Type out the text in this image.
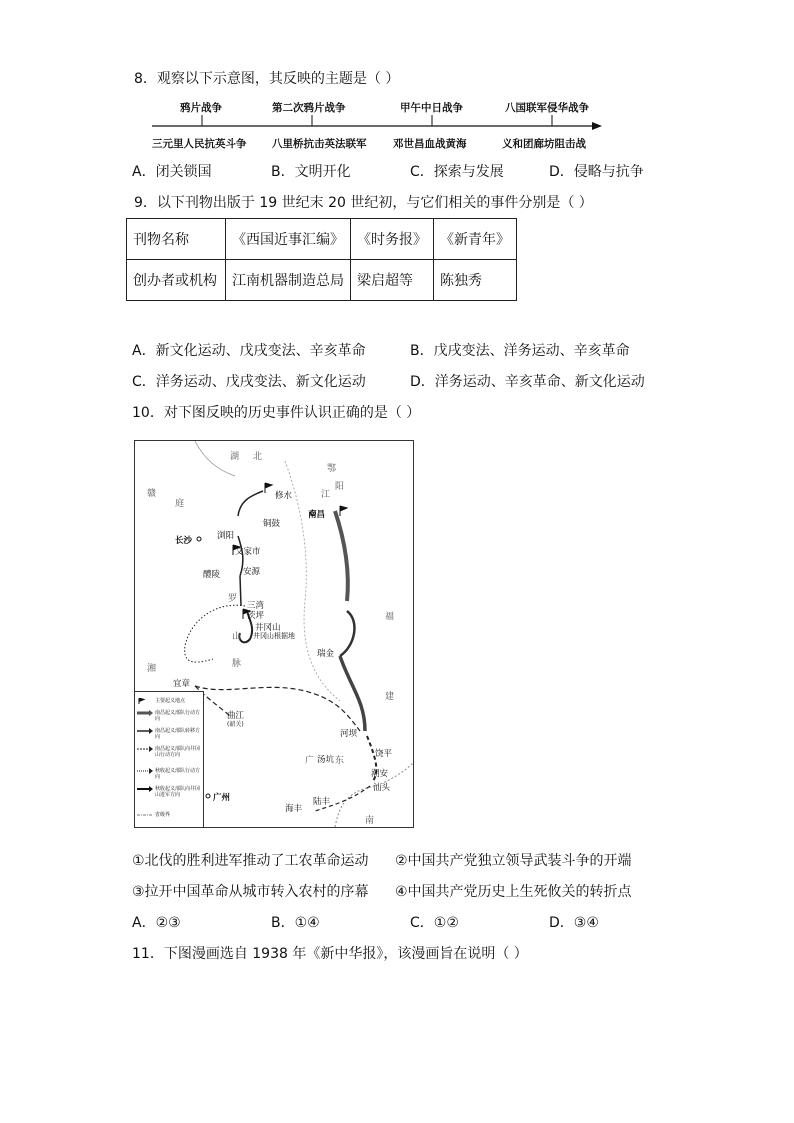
8．观察以下示意图，其反映的主题是（ ）
鸦片战争	第二次鸦片战争	甲午中日战争	八国联军侵华战争
三元里人民抗英斗争 八里桥抗击英法联军	邓世昌血战黄海	义和团廊坊阻击战
A．闭关锁国	B．文明开化	C．探索与发展	D．侵略与抗争
9．以下刊物出版于 19 世纪末 20 世纪初，与它们相关的事件分别是（ ）
刊物名称	《西国近事汇编》	《时务报》	《新青年》
创办者或机构	江南机器制造总局	梁启超等	陈独秀
A．新文化运动、戊戌变法、辛亥革命	B．戊戌变法、洋务运动、辛亥革命
C．洋务运动、戊戌变法、新文化运动	D．洋务运动、辛亥革命、新文化运动
10．对下图反映的历史事件认识正确的是（ ）
湖 北
赣
庭
鄂
阳
江
罗
山
脉
湘
福
建
广 东
南
修水
铜鼓
浏阳
长沙
文家市
醴陵	安源
三湾
茨坪
井冈山
井冈山根据地
南昌
瑞金
宜章
曲江
(韶关)
河坝
饶平
潮安
汕头
汤坑
广州	陆丰
海丰
主要起义地点
南昌起义部队行动方向
南昌起义部队转移方向
南昌起义部队向井冈山行动方向
秋收起义部队行动方向
秋收起义部队向井冈山进军方向
省级界
①北伐的胜利进军推动了工农革命运动 ②中国共产党独立领导武装斗争的开端
③拉开中国革命从城市转入农村的序幕 ④中国共产党历史上生死攸关的转折点
A．②③	B．①④	C．①②	D．③④
11．下图漫画选自 1938 年《新中华报》，该漫画旨在说明（ ）
